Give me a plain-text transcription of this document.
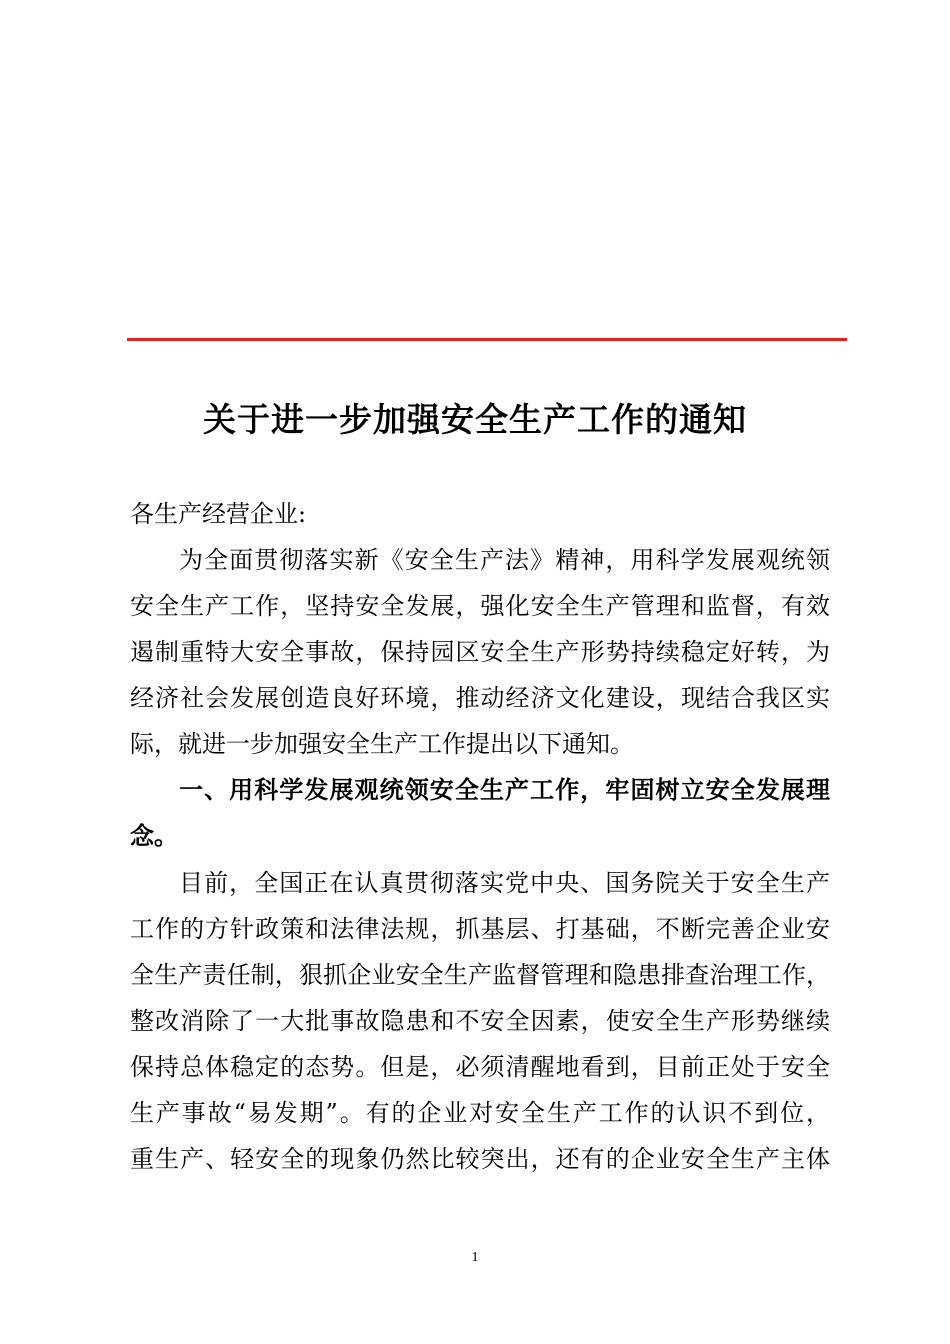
关于进一步加强安全生产工作的通知
各生产经营企业:
为全面贯彻落实新《安全生产法》精神，用科学发展观统领
安全生产工作，坚持安全发展，强化安全生产管理和监督，有效
遏制重特大安全事故，保持园区安全生产形势持续稳定好转，为
经济社会发展创造良好环境，推动经济文化建设，现结合我区实
际，就进一步加强安全生产工作提出以下通知。
一、用科学发展观统领安全生产工作，牢固树立安全发展理
念。
目前，全国正在认真贯彻落实党中央、国务院关于安全生产
工作的方针政策和法律法规，抓基层、打基础，不断完善企业安
全生产责任制，狠抓企业安全生产监督管理和隐患排查治理工作，
整改消除了一大批事故隐患和不安全因素，使安全生产形势继续
保持总体稳定的态势。但是，必须清醒地看到，目前正处于安全
生产事故“易发期”。有的企业对安全生产工作的认识不到位，
重生产、轻安全的现象仍然比较突出，还有的企业安全生产主体
1
